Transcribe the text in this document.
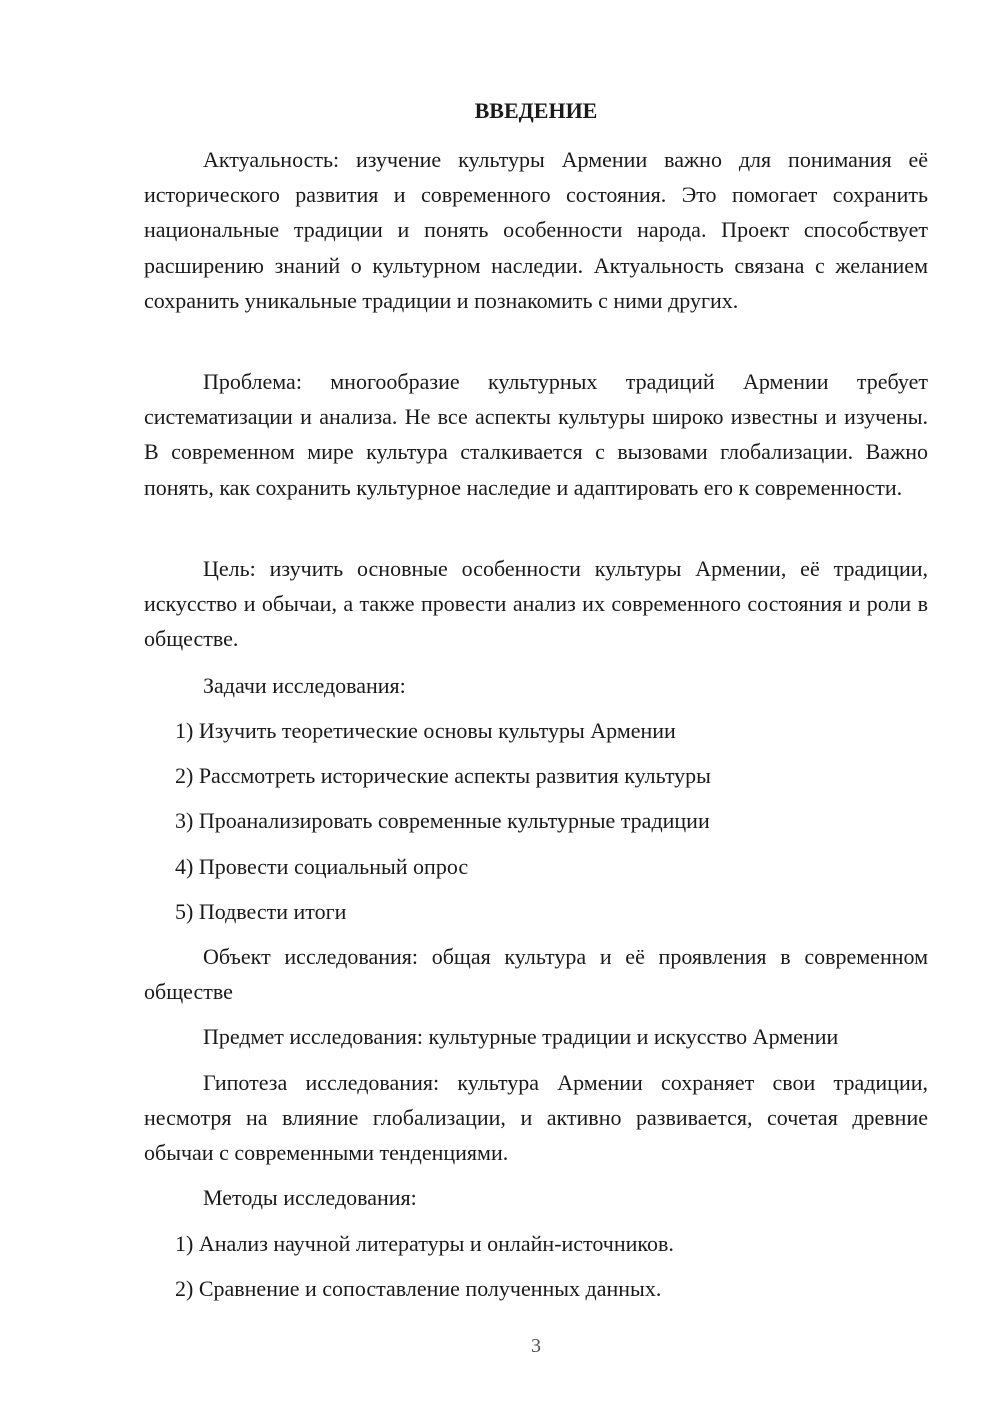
ВВЕДЕНИЕ

Актуальность: изучение культуры Армении важно для понимания её исторического развития и современного состояния. Это помогает сохранить национальные традиции и понять особенности народа. Проект способствует расширению знаний о культурном наследии. Актуальность связана с желанием сохранить уникальные традиции и познакомить с ними других.

Проблема: многообразие культурных традиций Армении требует систематизации и анализа. Не все аспекты культуры широко известны и изучены. В современном мире культура сталкивается с вызовами глобализации. Важно понять, как сохранить культурное наследие и адаптировать его к современности.

Цель: изучить основные особенности культуры Армении, её традиции, искусство и обычаи, а также провести анализ их современного состояния и роли в обществе.

Задачи исследования:

1) Изучить теоретические основы культуры Армении

2) Рассмотреть исторические аспекты развития культуры

3) Проанализировать современные культурные традиции

4) Провести социальный опрос

5) Подвести итоги

Объект исследования: общая культура и её проявления в современном обществе

Предмет исследования: культурные традиции и искусство Армении

Гипотеза исследования: культура Армении сохраняет свои традиции, несмотря на влияние глобализации, и активно развивается, сочетая древние обычаи с современными тенденциями.

Методы исследования:

1) Анализ научной литературы и онлайн-источников.

2) Сравнение и сопоставление полученных данных.

3
